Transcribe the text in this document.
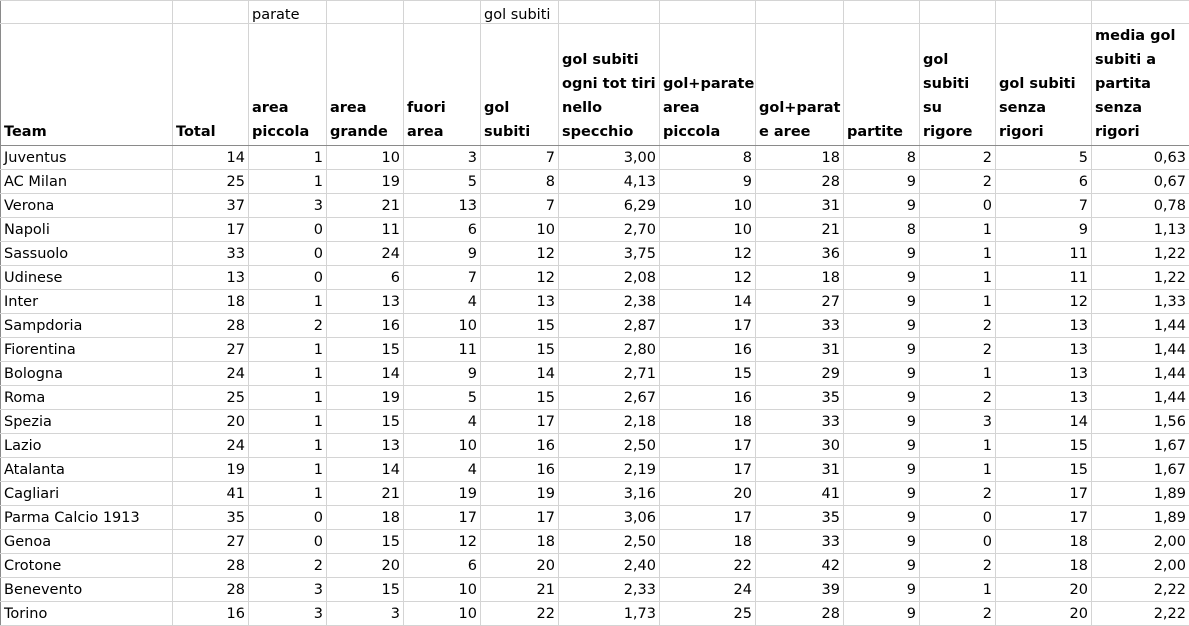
		parate			gol subiti							
Team	Total	area piccola	area grande	fuori area	gol subiti	gol subiti ogni tot tiri nello specchio	gol+parate area piccola	gol+parat e aree	partite	gol subiti su rigore	gol subiti senza rigori	media gol subiti a partita senza rigori
Juventus	14	1	10	3	7	3,00	8	18	8	2	5	0,63
AC Milan	25	1	19	5	8	4,13	9	28	9	2	6	0,67
Verona	37	3	21	13	7	6,29	10	31	9	0	7	0,78
Napoli	17	0	11	6	10	2,70	10	21	8	1	9	1,13
Sassuolo	33	0	24	9	12	3,75	12	36	9	1	11	1,22
Udinese	13	0	6	7	12	2,08	12	18	9	1	11	1,22
Inter	18	1	13	4	13	2,38	14	27	9	1	12	1,33
Sampdoria	28	2	16	10	15	2,87	17	33	9	2	13	1,44
Fiorentina	27	1	15	11	15	2,80	16	31	9	2	13	1,44
Bologna	24	1	14	9	14	2,71	15	29	9	1	13	1,44
Roma	25	1	19	5	15	2,67	16	35	9	2	13	1,44
Spezia	20	1	15	4	17	2,18	18	33	9	3	14	1,56
Lazio	24	1	13	10	16	2,50	17	30	9	1	15	1,67
Atalanta	19	1	14	4	16	2,19	17	31	9	1	15	1,67
Cagliari	41	1	21	19	19	3,16	20	41	9	2	17	1,89
Parma Calcio 1913	35	0	18	17	17	3,06	17	35	9	0	17	1,89
Genoa	27	0	15	12	18	2,50	18	33	9	0	18	2,00
Crotone	28	2	20	6	20	2,40	22	42	9	2	18	2,00
Benevento	28	3	15	10	21	2,33	24	39	9	1	20	2,22
Torino	16	3	3	10	22	1,73	25	28	9	2	20	2,22
